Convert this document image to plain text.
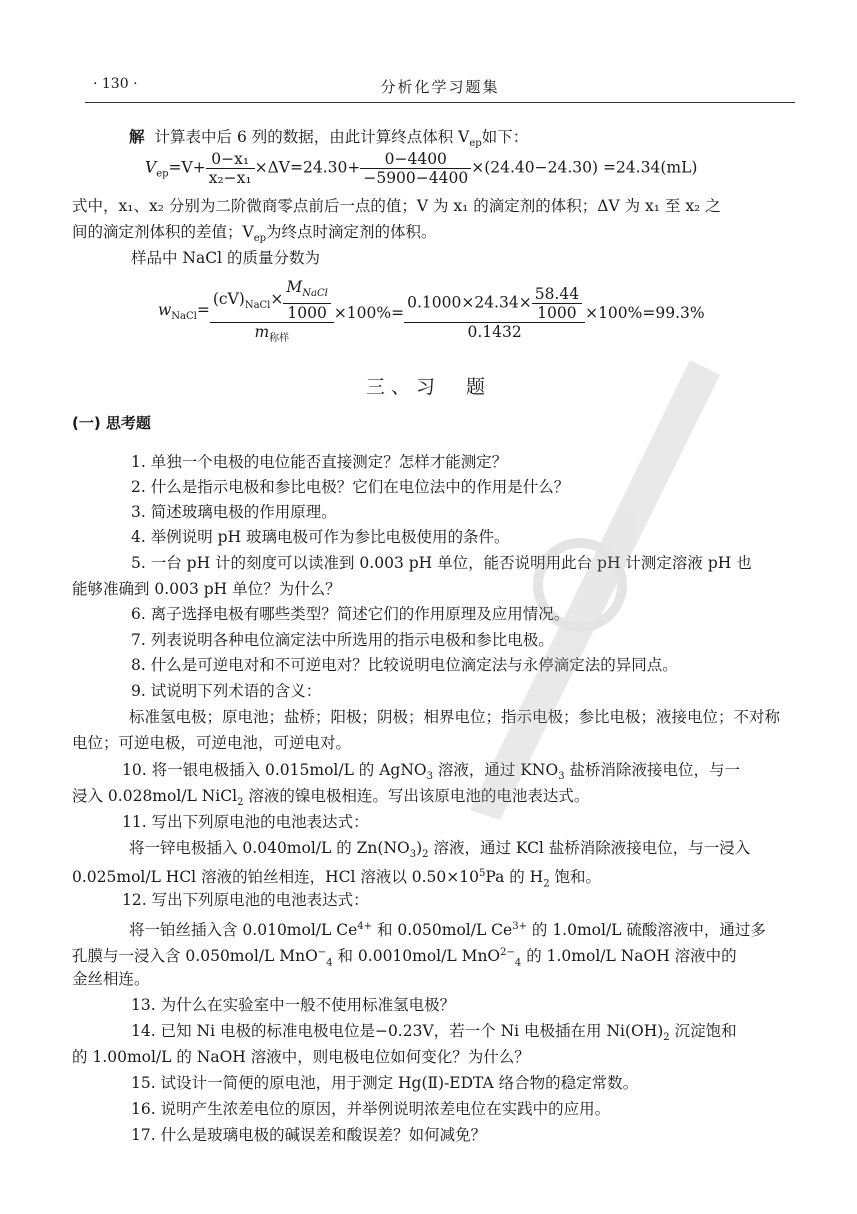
· 130 ·	分析化学习题集
解 计算表中后 6 列的数据，由此计算终点体积 $V_{ep}$如下：
$V_{ep}=V+ \frac{\text{0−x₁}}{\text{x₂−x₁}} \times\Delta V=24.30+ \frac{0-4400}{-5900-4400} \times(24.40-24.30) =24.34(mL)$
式中，x₁、x₂ 分别为二阶微商零点前后一点的值；V 为 x₁ 的滴定剂的体积；ΔV 为 x₁ 至 x₂ 之
间的滴定剂体积的差值；$V_{ep}$为终点时滴定剂的体积。
样品中 NaCl 的质量分数为
$w_{NaCl}= \frac{(cV)_{NaCl}\times \frac{M_{NaCl}}{1000}}{m_{称样}} \times 100\%= \frac{0.1000\times 24.34\times \frac{58.44}{1000}}{0.1432} \times 100\%=99.3\%$
三、习　题
(一) 思考题
1. 单独一个电极的电位能否直接测定？怎样才能测定？
2. 什么是指示电极和参比电极？它们在电位法中的作用是什么？
3. 简述玻璃电极的作用原理。
4. 举例说明 pH 玻璃电极可作为参比电极使用的条件。
5. 一台 pH 计的刻度可以读准到 0.003 pH 单位，能否说明用此台 pH 计测定溶液 pH 也
能够准确到 0.003 pH 单位？为什么？
6. 离子选择电极有哪些类型？简述它们的作用原理及应用情况。
7. 列表说明各种电位滴定法中所选用的指示电极和参比电极。
8. 什么是可逆电对和不可逆电对？比较说明电位滴定法与永停滴定法的异同点。
9. 试说明下列术语的含义：
标准氢电极；原电池；盐桥；阳极；阴极；相界电位；指示电极；参比电极；液接电位；不对称
电位；可逆电极，可逆电池，可逆电对。
10. 将一银电极插入 0.015mol/L 的 AgNO$_3$ 溶液，通过 $KNO_3$ 盐桥消除液接电位，与一
浸入 0.028mol/L NiCl$_2$ 溶液的镍电极相连。写出该原电池的电池表达式。
11. 写出下列原电池的电池表达式：
将一锌电极插入 0.040mol/L 的 $Zn(NO_3)_2$ 溶液，通过 KCl 盐桥消除液接电位，与一浸入
0.025mol/L HCl 溶液的铂丝相连，HCl 溶液以 $0.50\times 10^5Pa$ 的 $H_2$ 饱和。
12. 写出下列原电池的电池表达式：
将一铂丝插入含 0.010mol/L $Ce^{4+}$ 和 0.050mol/L $Ce^{3+}$ 的 1.0mol/L 硫酸溶液中，通过多
孔膜与一浸入含 0.050mol/L MnO−$_4$ 和 0.0010mol/L MnO$^{2-}_4$ 的 1.0mol/L NaOH 溶液中的
金丝相连。
13. 为什么在实验室中一般不使用标准氢电极？
14. 已知 Ni 电极的标准电极电位是−0.23V，若一个 Ni 电极插在用 $Ni(OH)_2$ 沉淀饱和
的 1.00mol/L 的 NaOH 溶液中，则电极电位如何变化？为什么？
15. 试设计一简便的原电池，用于测定 Hg(Ⅱ)-EDTA 络合物的稳定常数。
16. 说明产生浓差电位的原因，并举例说明浓差电位在实践中的应用。
17. 什么是玻璃电极的碱误差和酸误差？如何减免？
